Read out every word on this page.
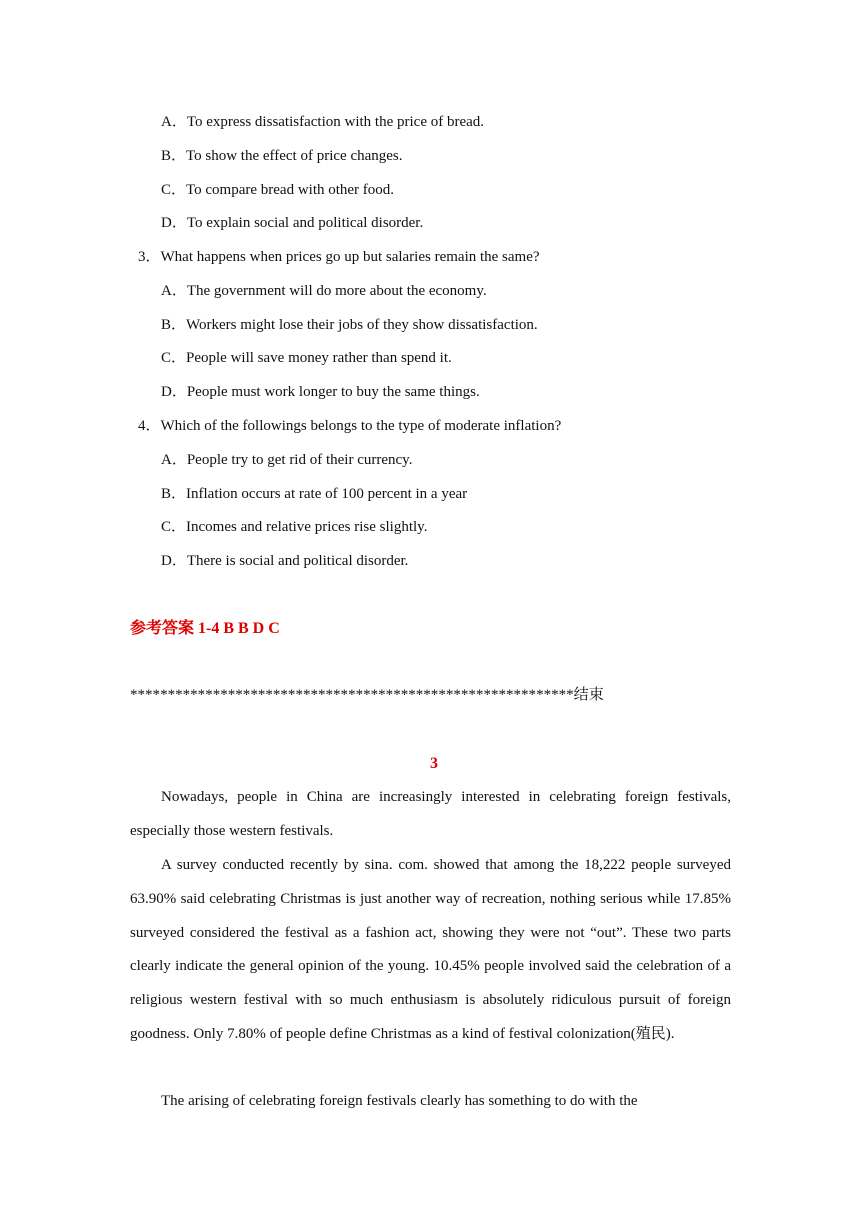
A．To express dissatisfaction with the price of bread.
B．To show the effect of price changes.
C．To compare bread with other food.
D．To explain social and political disorder.
3．What happens when prices go up but salaries remain the same?
A．The government will do more about the economy.
B．Workers might lose their jobs of they show dissatisfaction.
C．People will save money rather than spend it.
D．People must work longer to buy the same things.
4．Which of the followings belongs to the type of moderate inflation?
A．People try to get rid of their currency.
B．Inflation occurs at rate of 100 percent in a year
C．Incomes and relative prices rise slightly.
D．There is social and political disorder.
参考答案 1-4 B B D C
***********************************************************结束
3

Nowadays, people in China are increasingly interested in celebrating foreign festivals, especially those western festivals.

A survey conducted recently by sina. com. showed that among the 18,222 people surveyed 63.90% said celebrating Christmas is just another way of recreation, nothing serious while 17.85% surveyed considered the festival as a fashion act, showing they were not “out”. These two parts clearly indicate the general opinion of the young. 10.45% people involved said the celebration of a religious western festival with so much enthusiasm is absolutely ridiculous pursuit of foreign goodness. Only 7.80% of people define Christmas as a kind of festival colonization(殖民).

The arising of celebrating foreign festivals clearly has something to do with the
